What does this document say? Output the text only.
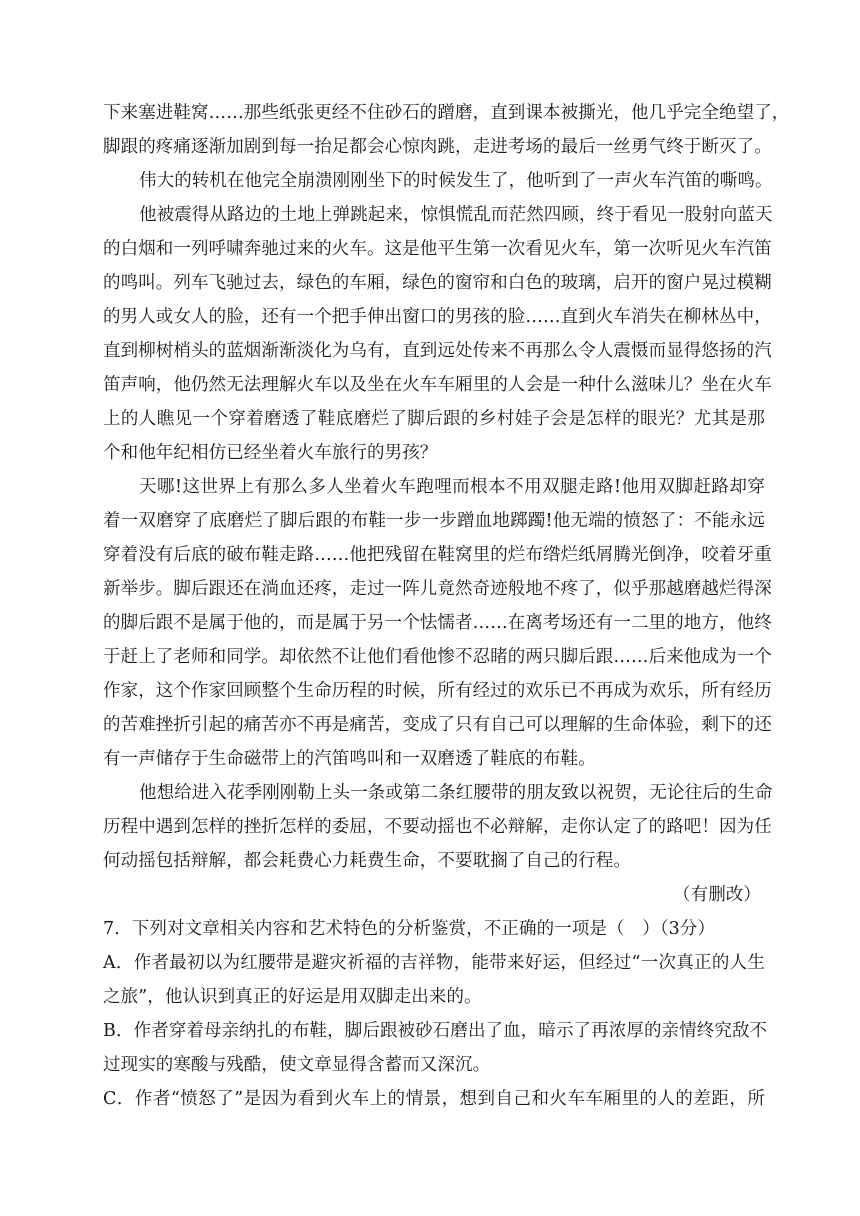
下来塞进鞋窝……那些纸张更经不住砂石的蹭磨，直到课本被撕光，他几乎完全绝望了，
脚跟的疼痛逐渐加剧到每一抬足都会心惊肉跳，走进考场的最后一丝勇气终于断灭了。
伟大的转机在他完全崩溃刚刚坐下的时候发生了，他听到了一声火车汽笛的嘶鸣。
他被震得从路边的土地上弹跳起来，惊惧慌乱而茫然四顾，终于看见一股射向蓝天
的白烟和一列呼啸奔驰过来的火车。这是他平生第一次看见火车，第一次听见火车汽笛
的鸣叫。列车飞驰过去，绿色的车厢，绿色的窗帘和白色的玻璃，启开的窗户晃过模糊
的男人或女人的脸，还有一个把手伸出窗口的男孩的脸……直到火车消失在柳林丛中，
直到柳树梢头的蓝烟渐渐淡化为乌有，直到远处传来不再那么令人震慑而显得悠扬的汽
笛声响，他仍然无法理解火车以及坐在火车车厢里的人会是一种什么滋味儿？坐在火车
上的人瞧见一个穿着磨透了鞋底磨烂了脚后跟的乡村娃子会是怎样的眼光？尤其是那
个和他年纪相仿已经坐着火车旅行的男孩？
天哪!这世界上有那么多人坐着火车跑哩而根本不用双腿走路!他用双脚赶路却穿
着一双磨穿了底磨烂了脚后跟的布鞋一步一步蹭血地踯躅!他无端的愤怒了：不能永远
穿着没有后底的破布鞋走路……他把残留在鞋窝里的烂布绺烂纸屑腾光倒净，咬着牙重
新举步。脚后跟还在淌血还疼，走过一阵儿竟然奇迹般地不疼了，似乎那越磨越烂得深
的脚后跟不是属于他的，而是属于另一个怯懦者……在离考场还有一二里的地方，他终
于赶上了老师和同学。却依然不让他们看他惨不忍睹的两只脚后跟……后来他成为一个
作家，这个作家回顾整个生命历程的时候，所有经过的欢乐已不再成为欢乐，所有经历
的苦难挫折引起的痛苦亦不再是痛苦，变成了只有自己可以理解的生命体验，剩下的还
有一声储存于生命磁带上的汽笛鸣叫和一双磨透了鞋底的布鞋。
他想给进入花季刚刚勒上头一条或第二条红腰带的朋友致以祝贺，无论往后的生命
历程中遇到怎样的挫折怎样的委屈，不要动摇也不必辩解，走你认定了的路吧！因为任
何动摇包括辩解，都会耗费心力耗费生命，不要耽搁了自己的行程。
（有删改）
7．下列对文章相关内容和艺术特色的分析鉴赏，不正确的一项是（　）（3分）
A．作者最初以为红腰带是避灾祈福的吉祥物，能带来好运，但经过“一次真正的人生
之旅”，他认识到真正的好运是用双脚走出来的。
B．作者穿着母亲纳扎的布鞋，脚后跟被砂石磨出了血，暗示了再浓厚的亲情终究敌不
过现实的寒酸与残酷，使文章显得含蓄而又深沉。
C．作者“愤怒了”是因为看到火车上的情景，想到自己和火车车厢里的人的差距，所
